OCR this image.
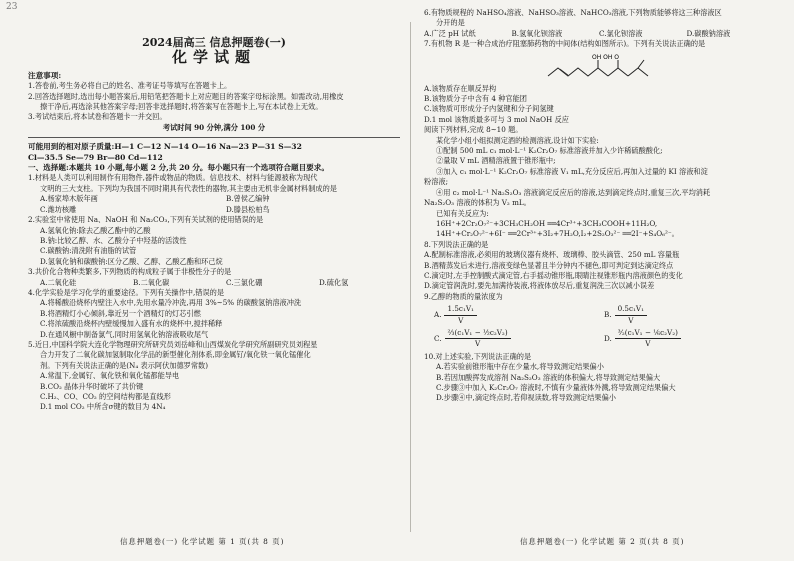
23
2024届高三 信息押题卷(一)
化学试题
注意事项:
1.答卷前,考生务必将自己的姓名、准考证号等填写在答题卡上。
2.回答选择题时,选出每小题答案后,用铅笔把答题卡上对应题目的答案字母标涂黑。如需改动,用橡皮
擦干净后,再选涂其他答案字母;回答非选择题时,将答案写在答题卡上,写在本试卷上无效。
3.考试结束后,将本试卷和答题卡一并交回。
考试时间 90 分钟,满分 100 分
可能用到的相对原子质量:H—1 C—12 N—14 O—16 Na—23 P—31 S—32
Cl—35.5 Se—79 Br—80 Cd—112
一、选择题:本题共 10 小题,每小题 2 分,共 20 分。每小题只有一个选项符合题目要求。
1.材料是人类可以利用制作有用物件,器件或物品的物质。信息技术、材料与能源被称为现代
文明的三大支柱。下列均为我国不同时期具有代表性的器物,其主要由无机非金属材料制成的是
A.杨家埠木版年画	B.曾侯乙编钟
C.潍坊核雕	D.滕县松柏鸟
2.实验室中常使用 Na、NaOH 和 Na₂CO₃,下列有关试剂的使用错误的是
A.氢氧化钠:除去乙酸乙酯中的乙酸
B.钠:比较乙醇、水、乙酸分子中羟基的活泼性
C.碳酸钠:清洗附有油脂的试管
D.氢氧化钠和碳酸钠:区分乙酸、乙醇、乙酸乙酯和环己烷
3.共价化合物种类繁多,下列物质的构成粒子属于非极性分子的是
A.二氧化硅	B.二氧化碳	C.三氯化硼	D.硫化氢
4.化学实验是学习化学的重要途径。下列有关操作中,错误的是
A.将稀酸沿烧杯内壁注入水中,先用水量冷冲洗,再用 3%~5% 的碳酸氢钠溶液冲洗
B.将酒精灯小心倾斜,靠近另一个酒精灯的灯芯引燃
C.将浓硫酸沿烧杯内壁缓慢加入盛有水的烧杯中,搅拌稀释
D.在通风橱中制备氯气,同时用氢氧化钠溶液吸收尾气
5.近日,中国科学院大连化学物理研究所研究员刘岳峰和山西煤炭化学研究所副研究员刘程星
合力开发了二氧化碳加氢制取化学品的新型催化剂体系,即金属钌/氧化铁一氧化锰催化
剂。下列有关说法正确的是(N₄ 表示阿伏加德罗常数)
A.常温下,金属钌、氧化铁和氧化锰都能导电
B.CO₂ 晶体升华时破坏了共价键
C.H₂、CO、CO₂ 的空间结构都是直线形
D.1 mol CO₂ 中所含σ键的数目为 4N₄
6.有物质规程的 NaHSO₄溶液、NaHSO₃溶液、NaHCO₃溶液,下列物质能够将这三种溶液区
分开的是
A.广泛 pH 试纸	B.氢氧化钡溶液	C.氯化钡溶液	D.碳酸钠溶液
7.有机物 R 是一种合成治疗阻塞肺药物的中间体(结构如图所示)。下列有关说法正确的是
OH OH O
A.该物质存在顺反异构
B.该物质分子中含有 4 种官能团
C.该物质可形成分子内氢键和分子间氢键
D.1 mol 该物质最多可与 3 mol NaOH 反应
阅读下列材料,完成 8~10 题。
某化学小组小组拟测定酒的检测溶液,设计如下实验:
①配制 500 mL c₁ mol·L⁻¹ K₂Cr₂O₇ 标准溶液并加入少许稀硫酸酸化;
②量取 V mL 酒精溶液置于锥形瓶中;
③加入 c₁ mol·L⁻¹ K₂Cr₂O₇ 标准溶液 V₁ mL,充分反应后,再加入过量的 KI 溶液和淀
粉溶液;
④用 c₂ mol·L⁻¹ Na₂S₂O₃ 溶液滴定反应后的溶液,达到滴定终点时,重复三次,平均消耗
Na₂S₂O₃ 溶液的体积为 V₂ mL。
已知有关反应为:
16H⁺+2Cr₂O₇²⁻+3CH₃CH₂OH ══4Cr³⁺+3CH₃COOH+11H₂O,
14H⁺+Cr₂O₇²⁻+6I⁻ ══2Cr³⁺+3I₂+7H₂O,I₂+2S₂O₃²⁻ ══2I⁻+S₄O₆²⁻。
8.下列说法正确的是
A.配制标准溶液,必须用的玻璃仪器有烧杯、玻璃棒、胶头滴管、250 mL 容量瓶
B.酒精蒸发后未进行,溶液变绿色显著且半分钟内不褪色,即可判定到达滴定终点
C.滴定时,左手控制酸式滴定管,右手摇动锥形瓶,眼睛注视锥形瓶内溶液颜色的变化
D.滴定管润洗时,要先加满待装液,将液体放尽后,重复润洗三次以减小误差
9.乙醇的物质的量浓度为
A.
1.5c₁V₁
V
B.
0.5c₁V₁
V
C.
⅔(c₁V₁ − ½c₂V₂)
V
D.
³⁄₂(c₁V₁ − ⅙c₂V₂)
V
10.对上述实验,下列说法正确的是
A.若实验前锥形瓶中存在少量水,将导致测定结果偏小
B.若因加酸挥发成溶剂 Na₂S₂O₃ 溶液的体积偏大,将导致测定结果偏大
C.步骤③中加入 K₂Cr₂O₇ 溶液时,不慎有少量液体外溅,将导致测定结果偏大
D.步骤④中,滴定终点时,若仰视读数,将导致测定结果偏小
信息押题卷(一) 化学试题 第 1 页(共 8 页)	信息押题卷(一) 化学试题 第 2 页(共 8 页)
